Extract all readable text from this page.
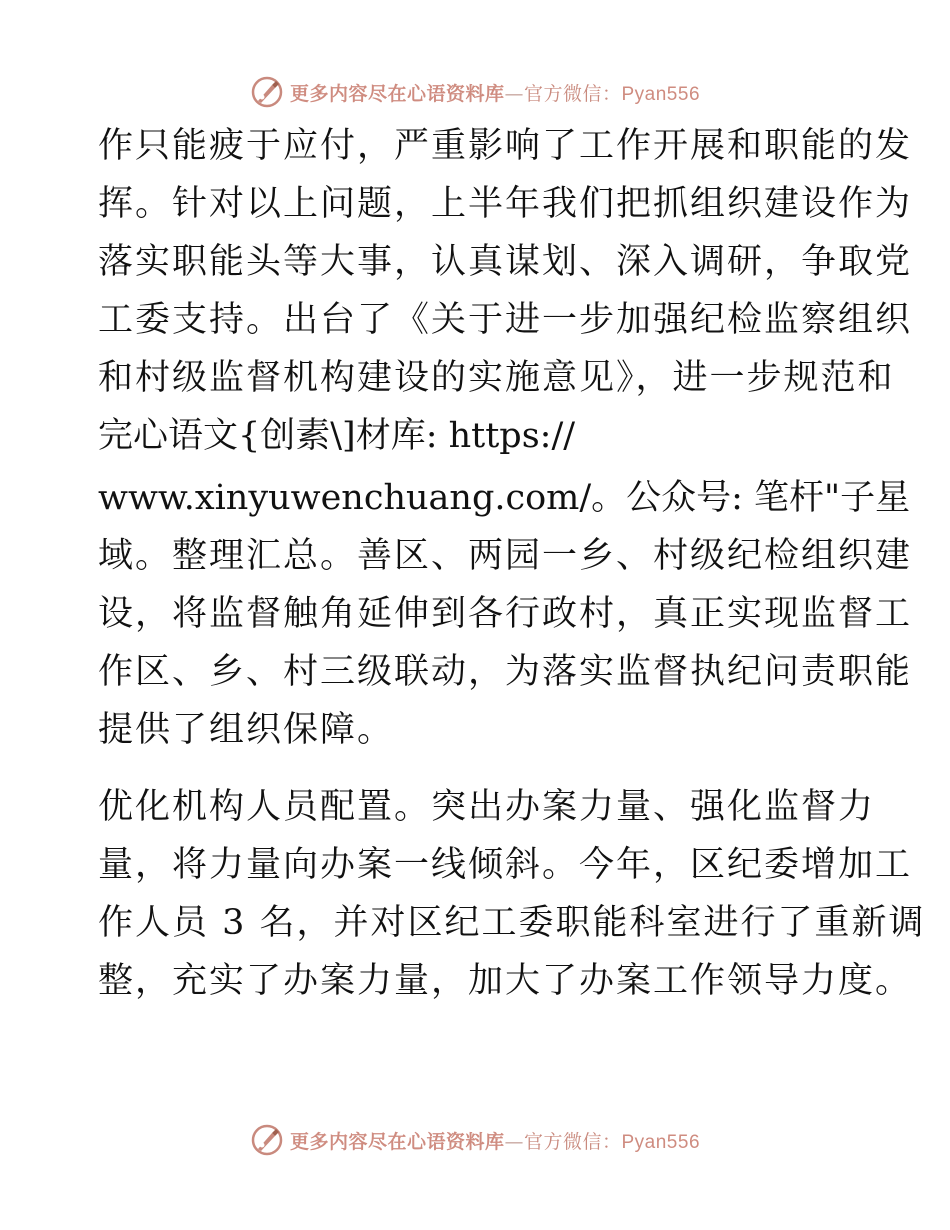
更多内容尽在心语资料库—官方微信：Pyan556
作只能疲于应付，严重影响了工作开展和职能的发
挥。针对以上问题，上半年我们把抓组织建设作为
落实职能头等大事，认真谋划、深入调研，争取党
工委支持。出台了《关于进一步加强纪检监察组织
和村级监督机构建设的实施意见》，进一步规范和
完心语文{创素\]材库: https://
www.xinyuwenchuang.com/。公众号: 笔杆"子星
域。整理汇总。善区、两园一乡、村级纪检组织建
设，将监督触角延伸到各行政村，真正实现监督工
作区、乡、村三级联动，为落实监督执纪问责职能
提供了组织保障。
优化机构人员配置。突出办案力量、强化监督力
量，将力量向办案一线倾斜。今年，区纪委增加工
作人员 3 名，并对区纪工委职能科室进行了重新调
整，充实了办案力量，加大了办案工作领导力度。
更多内容尽在心语资料库—官方微信：Pyan556
